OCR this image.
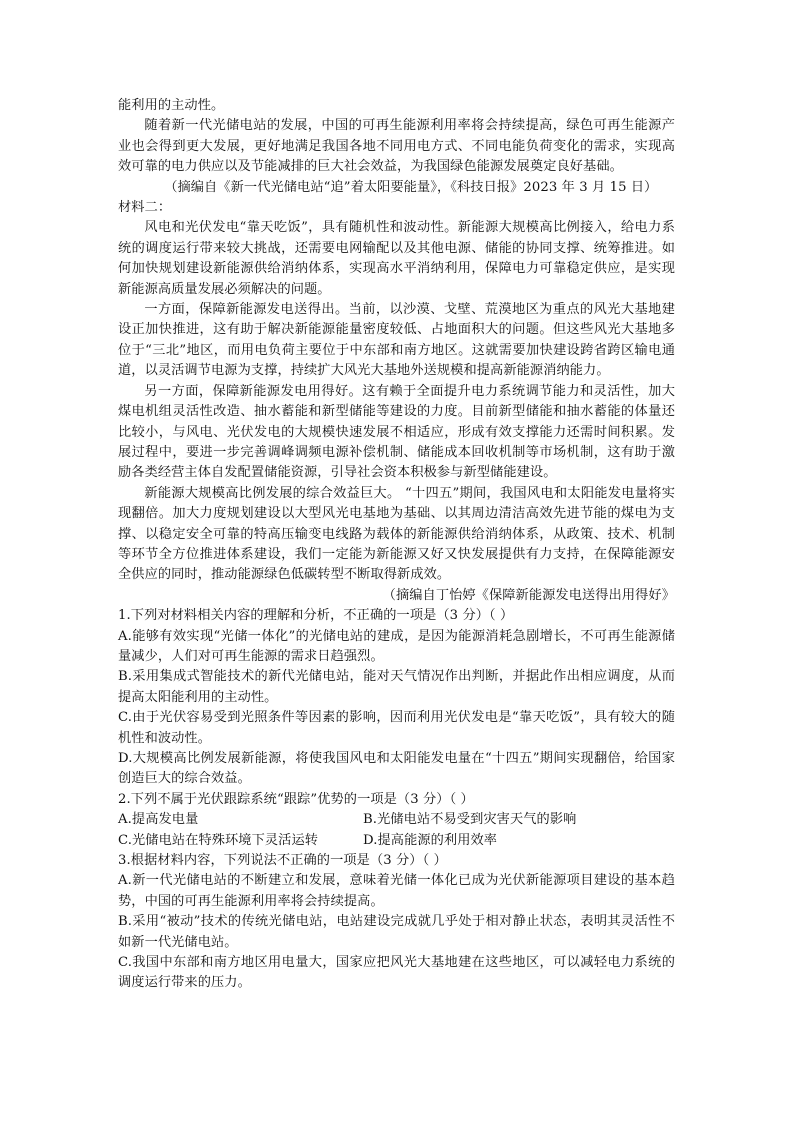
能利用的主动性。

随着新一代光储电站的发展，中国的可再生能源利用率将会持续提高，绿色可再生能源产业也会得到更大发展，更好地满足我国各地不同用电方式、不同电能负荷变化的需求，实现高效可靠的电力供应以及节能减排的巨大社会效益，为我国绿色能源发展奠定良好基础。

（摘编自《新一代光储电站“追”着太阳要能量》，《科技日报》2023 年 3 月 15 日）

材料二：

风电和光伏发电“靠天吃饭”，具有随机性和波动性。新能源大规模高比例接入，给电力系统的调度运行带来较大挑战，还需要电网输配以及其他电源、储能的协同支撑、统筹推进。如何加快规划建设新能源供给消纳体系，实现高水平消纳利用，保障电力可靠稳定供应，是实现新能源高质量发展必须解决的问题。

一方面，保障新能源发电送得出。当前，以沙漠、戈壁、荒漠地区为重点的风光大基地建设正加快推进，这有助于解决新能源能量密度较低、占地面积大的问题。但这些风光大基地多位于“三北”地区，而用电负荷主要位于中东部和南方地区。这就需要加快建设跨省跨区输电通道，以灵活调节电源为支撑，持续扩大风光大基地外送规模和提高新能源消纳能力。

另一方面，保障新能源发电用得好。这有赖于全面提升电力系统调节能力和灵活性，加大煤电机组灵活性改造、抽水蓄能和新型储能等建设的力度。目前新型储能和抽水蓄能的体量还比较小，与风电、光伏发电的大规模快速发展不相适应，形成有效支撑能力还需时间积累。发展过程中，要进一步完善调峰调频电源补偿机制、储能成本回收机制等市场机制，这有助于激励各类经营主体自发配置储能资源，引导社会资本积极参与新型储能建设。

新能源大规模高比例发展的综合效益巨大。 “十四五”期间，我国风电和太阳能发电量将实现翻倍。加大力度规划建设以大型风光电基地为基础、以其周边清洁高效先进节能的煤电为支撑、以稳定安全可靠的特高压输变电线路为载体的新能源供给消纳体系，从政策、技术、机制等环节全方位推进体系建设，我们一定能为新能源又好又快发展提供有力支持，在保障能源安全供应的同时，推动能源绿色低碳转型不断取得新成效。

（摘编自丁怡婷《保障新能源发电送得出用得好》

1.下列对材料相关内容的理解和分析，不正确的一项是（3 分）（ ）

A.能够有效实现“光储一体化”的光储电站的建成，是因为能源消耗急剧增长，不可再生能源储量减少，人们对可再生能源的需求日趋强烈。

B.采用集成式智能技术的新代光储电站，能对天气情况作出判断，并据此作出相应调度，从而提高太阳能利用的主动性。

C.由于光伏容易受到光照条件等因素的影响，因而利用光伏发电是“靠天吃饭”，具有较大的随机性和波动性。

D.大规模高比例发展新能源，将使我国风电和太阳能发电量在“十四五”期间实现翻倍，给国家创造巨大的综合效益。

2.下列不属于光伏跟踪系统“跟踪”优势的一项是（3 分）（ ）

A.提高发电量	B.光储电站不易受到灾害天气的影响
C.光储电站在特殊环境下灵活运转	D.提高能源的利用效率

3.根据材料内容，下列说法不正确的一项是（3 分）（ ）

A.新一代光储电站的不断建立和发展，意味着光储一体化已成为光伏新能源项目建设的基本趋势，中国的可再生能源利用率将会持续提高。

B.采用“被动”技术的传统光储电站，电站建设完成就几乎处于相对静止状态，表明其灵活性不如新一代光储电站。

C.我国中东部和南方地区用电量大，国家应把风光大基地建在这些地区，可以减轻电力系统的调度运行带来的压力。
